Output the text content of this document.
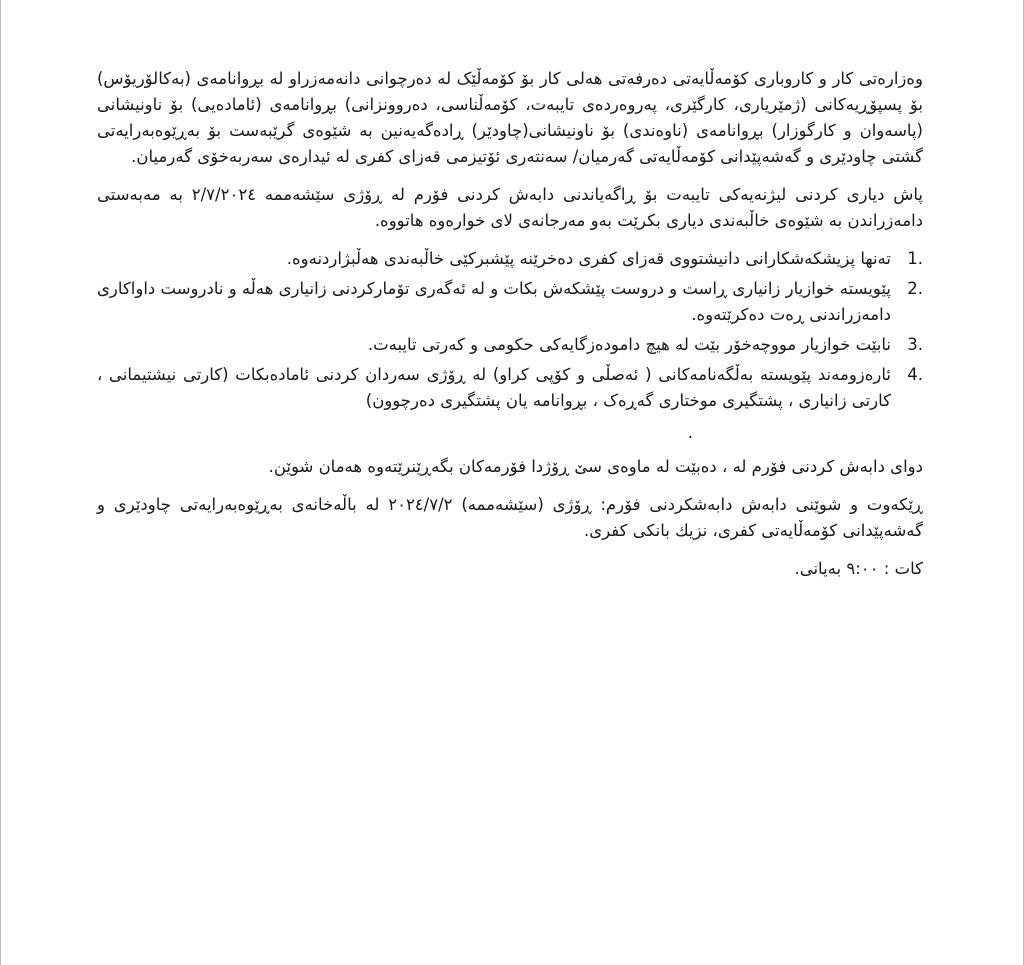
وەزارەتی کار و کاروباری کۆمەڵایەتی دەرفەتی هەلی کار بۆ کۆمەڵێک لە دەرچوانی دانەمەزراو لە بڕوانامەی (بەکالۆریۆس) بۆ پسپۆڕیەکانی (ژمێریاری، کارگێری، پەروەردەی تایبەت، کۆمەڵناسی، دەروونزانی) بڕوانامەی (ئامادەیی) بۆ ناونیشانی (پاسەوان و کارگوزار) بڕوانامەی (ناوەندی) بۆ ناونیشانی(چاودێر) ڕادەگەیەنین بە شێوەی گرێبەست بۆ بەڕێوەبەرایەتی گشتی چاودێری و گەشەپێدانی کۆمەڵایەتی گەرمیان/ سەنتەری ئۆتیزمی قەزای کفری لە ئیدارەی سەربەخۆی گەرمیان.

پاش دیاری کردنی لیژنەیەکی تایبەت بۆ ڕاگەیاندنی دابەش کردنی فۆرم لە ڕۆژی سێشەممە ٢/٧/٢٠٢٤ بە مەبەستی دامەزراندن بە شێوەی خاڵبەندی دیاری بکرێت بەو مەرجانەی لای خوارەوە هاتووە.

1.
تەنها پزیشکەشکارانی دانیشتووی قەزای کفری دەخرێنە پێشبرکێی خاڵبەندی هەڵبژاردنەوە.
2.
پێویستە خوازیار زانیاری ڕاست و دروست پێشکەش بکات و لە ئەگەری تۆمارکردنی زانیاری هەڵە و نادروست داواکاری دامەزراندنی ڕەت دەکرێتەوە.
3.
نابێت خوازیار مووچەخۆر بێت لە هیچ دامودەزگایەکی حکومی و کەرتی تایبەت.
4.
ئارەزومەند پێویستە بەڵگەنامەکانی ( ئەصڵی و کۆپی کراو) لە ڕۆژی سەردان کردنی ئامادەبکات (کارتی نیشتیمانی ، کارتی زانیاری ، پشتگیری موختاری گەڕەک ، بڕوانامە یان پشتگیری دەرچوون)
.

دوای دابەش کردنی فۆرم لە ، دەبێت لە ماوەی سێ ڕۆژدا فۆرمەکان بگەڕێنرێتەوە هەمان شوێن.

ڕێکەوت و شوێنی دابەش دابەشکردنی فۆرم: ڕۆژی (سێشەممە) ٢٠٢٤/٧/٢ لە باڵەخانەی بەڕێوەبەرایەتی چاودێری و گەشەپێدانی کۆمەڵایەتی کفری، نزیك بانکی کفری.

کات : ٩:٠٠ بەیانی.
